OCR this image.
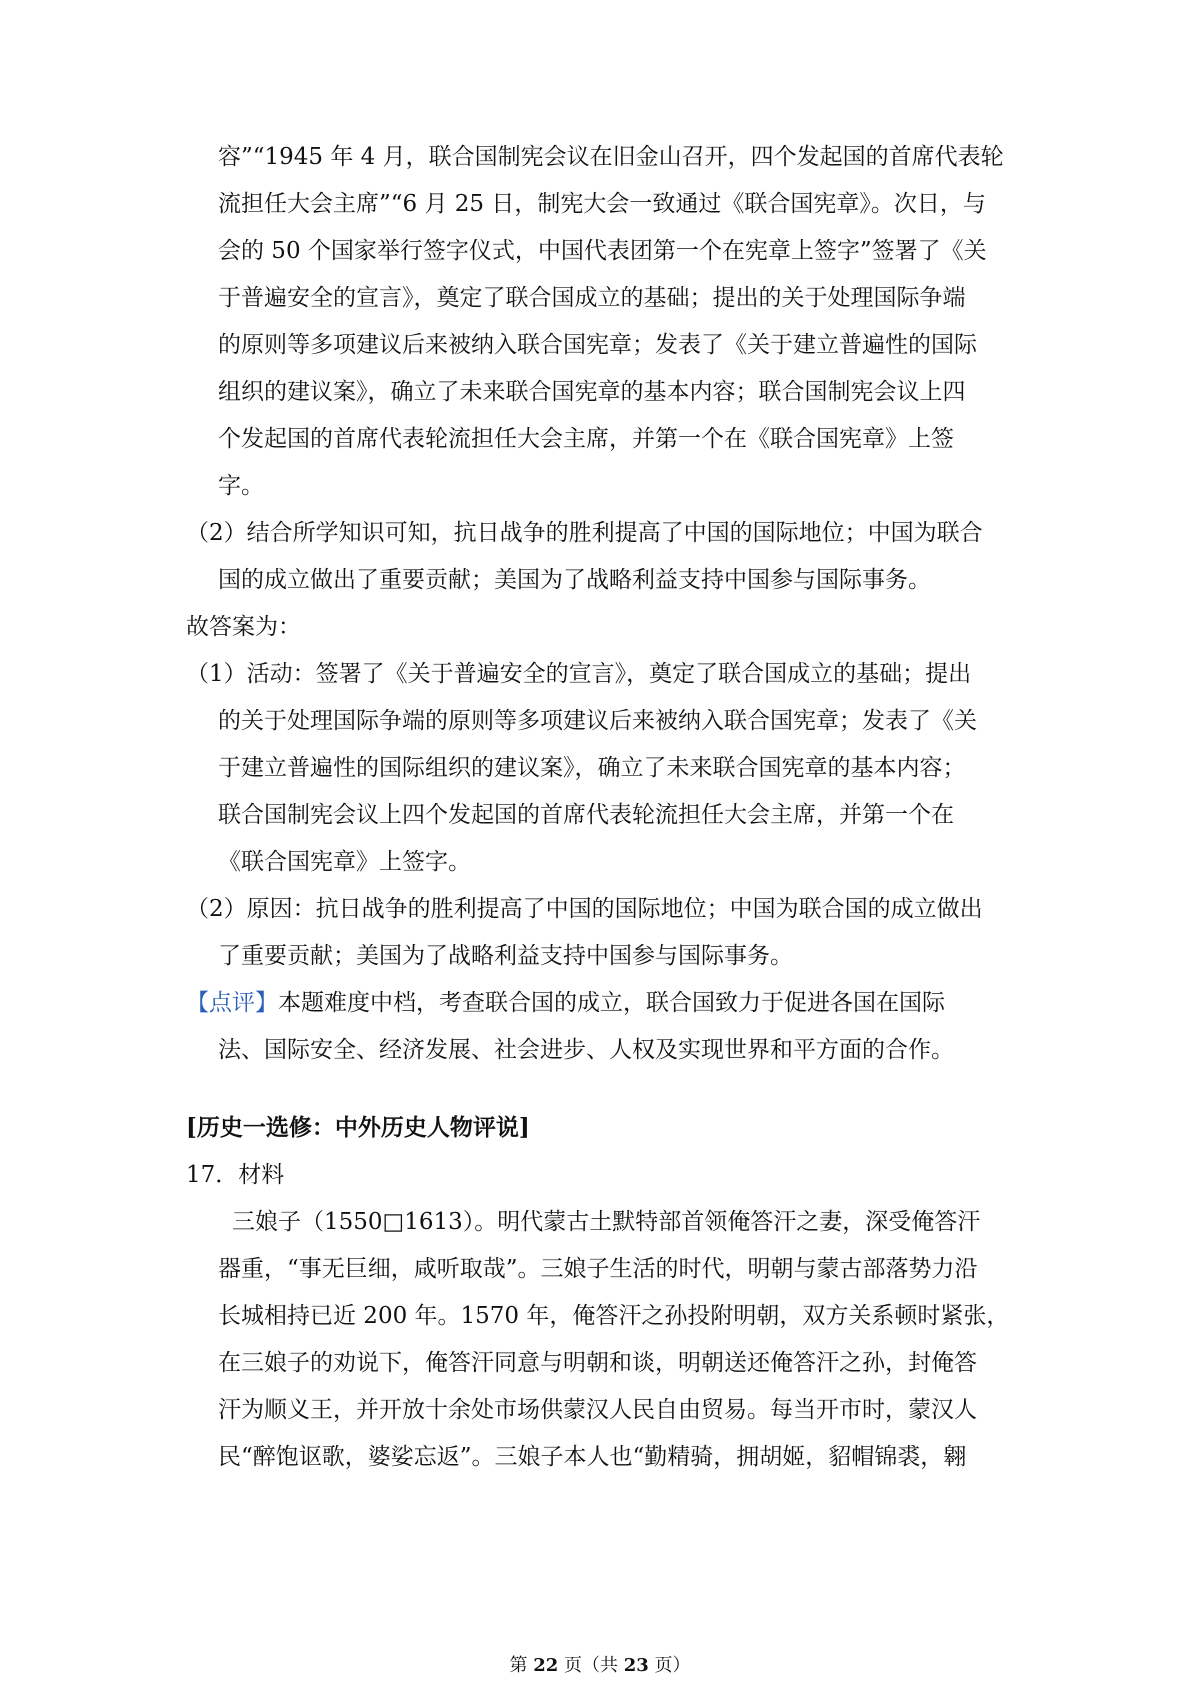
容”“1945 年 4 月，联合国制宪会议在旧金山召开，四个发起国的首席代表轮
流担任大会主席”“6 月 25 日，制宪大会一致通过《联合国宪章》。次日，与
会的 50 个国家举行签字仪式，中国代表团第一个在宪章上签字”签署了《关
于普遍安全的宣言》，奠定了联合国成立的基础；提出的关于处理国际争端
的原则等多项建议后来被纳入联合国宪章；发表了《关于建立普遍性的国际
组织的建议案》，确立了未来联合国宪章的基本内容；联合国制宪会议上四
个发起国的首席代表轮流担任大会主席，并第一个在《联合国宪章》上签
字。
（2）结合所学知识可知，抗日战争的胜利提高了中国的国际地位；中国为联合
国的成立做出了重要贡献；美国为了战略利益支持中国参与国际事务。
故答案为：
（1）活动：签署了《关于普遍安全的宣言》，奠定了联合国成立的基础；提出
的关于处理国际争端的原则等多项建议后来被纳入联合国宪章；发表了《关
于建立普遍性的国际组织的建议案》，确立了未来联合国宪章的基本内容；
联合国制宪会议上四个发起国的首席代表轮流担任大会主席，并第一个在
《联合国宪章》上签字。
（2）原因：抗日战争的胜利提高了中国的国际地位；中国为联合国的成立做出
了重要贡献；美国为了战略利益支持中国参与国际事务。
【点评】本题难度中档，考查联合国的成立，联合国致力于促进各国在国际
法、国际安全、经济发展、社会进步、人权及实现世界和平方面的合作。
[历史一选修：中外历史人物评说]
17．材料
三娘子（1550□1613）。明代蒙古土默特部首领俺答汗之妻，深受俺答汗
器重，“事无巨细，咸听取哉”。三娘子生活的时代，明朝与蒙古部落势力沿
长城相持已近 200 年。1570 年，俺答汗之孙投附明朝，双方关系顿时紧张，
在三娘子的劝说下，俺答汗同意与明朝和谈，明朝送还俺答汗之孙，封俺答
汗为顺义王，并开放十余处市场供蒙汉人民自由贸易。每当开市时，蒙汉人
民“醉饱讴歌，婆娑忘返”。三娘子本人也“勤精骑，拥胡姬，貂帽锦裘，翱
第 22 页（共 23 页）
